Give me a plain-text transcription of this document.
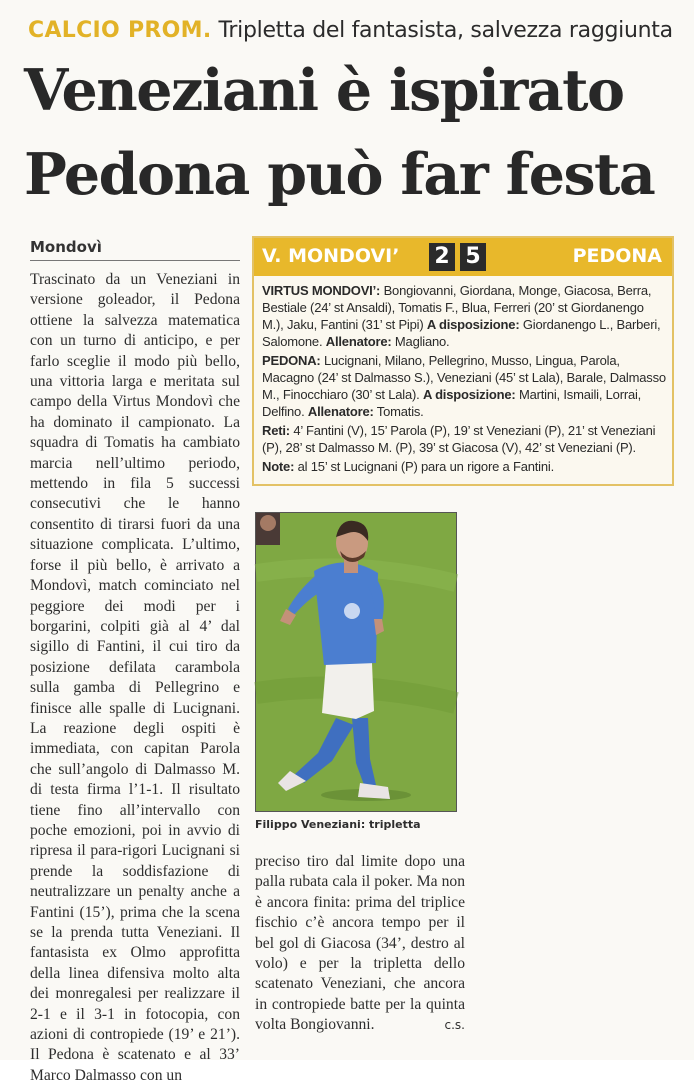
CALCIO PROM. Tripletta del fantasista, salvezza raggiunta
Veneziani è ispirato
Pedona può far festa
Mondovì

Trascinato da un Veneziani in versione goleador, il Pedona ottiene la salvezza matematica con un turno di anticipo, e per farlo sceglie il modo più bello, una vittoria larga e meritata sul campo della Virtus Mondovì che ha dominato il campionato. La squadra di Tomatis ha cambiato marcia nell’ultimo periodo, mettendo in fila 5 successi consecutivi che le hanno consentito di tirarsi fuori da una situazione complicata. L’ultimo, forse il più bello, è arrivato a Mondovì, match cominciato nel peggiore dei modi per i borgarini, colpiti già al 4’ dal sigillo di Fantini, il cui tiro da posizione defilata carambola sulla gamba di Pellegrino e finisce alle spalle di Lucignani. La reazione degli ospiti è immediata, con capitan Parola che sull’angolo di Dalmasso M. di testa firma l’1-1. Il risultato tiene fino all’intervallo con poche emozioni, poi in avvio di ripresa il para-rigori Lucignani si prende la soddisfazione di neutralizzare un penalty anche a Fantini (15’), prima che la scena se la prenda tutta Veneziani. Il fantasista ex Olmo approfitta della linea difensiva molto alta dei monregalesi per realizzare il 2-1 e il 3-1 in fotocopia, con azioni di contropiede (19’ e 21’). Il Pedona è scatenato e al 33’ Marco Dalmasso con un

V. MONDOVI’ 2 5	PEDONA

VIRTUS MONDOVI’: Bongiovanni, Giordana, Monge, Giacosa, Berra, Bestiale (24’ st Ansaldi), Tomatis F., Blua, Ferreri (20’ st Giordanengo M.), Jaku, Fantini (31’ st Pipi) A disposizione: Giordanengo L., Barberi, Salomone. Allenatore: Magliano.

PEDONA: Lucignani, Milano, Pellegrino, Musso, Lingua, Parola, Macagno (24’ st Dalmasso S.), Veneziani (45’ st Lala), Barale, Dalmasso M., Finocchiaro (30’ st Lala). A disposizione: Martini, Ismaili, Lorrai, Delfino. Allenatore: Tomatis.

Reti: 4’ Fantini (V), 15’ Parola (P), 19’ st Veneziani (P), 21’ st Veneziani (P), 28’ st Dalmasso M. (P), 39’ st Giacosa (V), 42’ st Veneziani (P).

Note: al 15’ st Lucignani (P) para un rigore a Fantini.

Filippo Veneziani: tripletta

preciso tiro dal limite dopo una palla rubata cala il poker. Ma non è ancora finita: prima del triplice fischio c’è ancora tempo per il bel gol di Giacosa (34’, destro al volo) e per la tripletta dello scatenato Veneziani, che ancora in contropiede batte per la quinta volta Bongiovanni.	c.s.
